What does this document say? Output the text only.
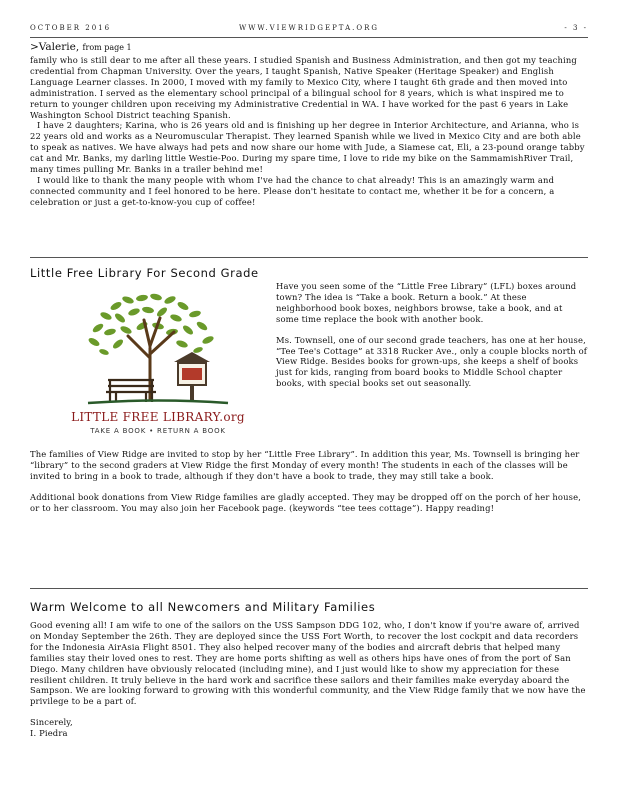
OCTOBER 2016	WWW.VIEWRIDGEPTA.ORG	- 3 -
>Valerie, from page 1

family who is still dear to me after all these years. I studied Spanish and Business Administration, and then got my teaching credential from Chapman University. Over the years, I taught Spanish, Native Speaker (Heritage Speaker) and English Language Learner classes. In 2000, I moved with my family to Mexico City, where I taught 6th grade and then moved into administration. I served as the elementary school principal of a bilingual school for 8 years, which is what inspired me to return to younger children upon receiving my Administrative Credential in WA. I have worked for the past 6 years in Lake Washington School District teaching Spanish.

I have 2 daughters; Karina, who is 26 years old and is finishing up her degree in Interior Architecture, and Arianna, who is 22 years old and works as a Neuromuscular Therapist. They learned Spanish while we lived in Mexico City and are both able to speak as natives. We have always had pets and now share our home with Jude, a Siamese cat, Eli, a 23-pound orange tabby cat and Mr. Banks, my darling little Westie-Poo. During my spare time, I love to ride my bike on the SammamishRiver Trail, many times pulling Mr. Banks in a trailer behind me!

I would like to thank the many people with whom I've had the chance to chat already! This is an amazingly warm and connected community and I feel honored to be here. Please don't hesitate to contact me, whether it be for a concern, a celebration or just a get-to-know-you cup of coffee!

Little Free Library For Second Grade
LITTLE FREE LIBRARY.org
TAKE A BOOK • RETURN A BOOK

Have you seen some of the “Little Free Library” (LFL) boxes around town? The idea is “Take a book. Return a book.” At these neighborhood book boxes, neighbors browse, take a book, and at some time replace the book with another book.

Ms. Townsell, one of our second grade teachers, has one at her house, “Tee Tee's Cottage” at 3318 Rucker Ave., only a couple blocks north of View Ridge. Besides books for grown-ups, she keeps a shelf of books just for kids, ranging from board books to Middle School chapter books, with special books set out seasonally.

The families of View Ridge are invited to stop by her “Little Free Library”. In addition this year, Ms. Townsell is bringing her “library” to the second graders at View Ridge the first Monday of every month! The students in each of the classes will be invited to bring in a book to trade, although if they don't have a book to trade, they may still take a book.

Additional book donations from View Ridge families are gladly accepted. They may be dropped off on the porch of her house, or to her classroom. You may also join her Facebook page. (keywords “tee tees cottage”). Happy reading!

Warm Welcome to all Newcomers and Military Families

Good evening all! I am wife to one of the sailors on the USS Sampson DDG 102, who, I don't know if you're aware of, arrived on Monday September the 26th. They are deployed since the USS Fort Worth, to recover the lost cockpit and data recorders for the Indonesia AirAsia Flight 8501. They also helped recover many of the bodies and aircraft debris that helped many families stay their loved ones to rest. They are home ports shifting as well as others hips have ones of from the port of San Diego. Many children have obviously relocated (including mine), and I just would like to show my appreciation for these resilient children. It truly believe in the hard work and sacrifice these sailors and their families make everyday aboard the Sampson. We are looking forward to growing with this wonderful community, and the View Ridge family that we now have the privilege to be a part of.

Sincerely,

I. Piedra
